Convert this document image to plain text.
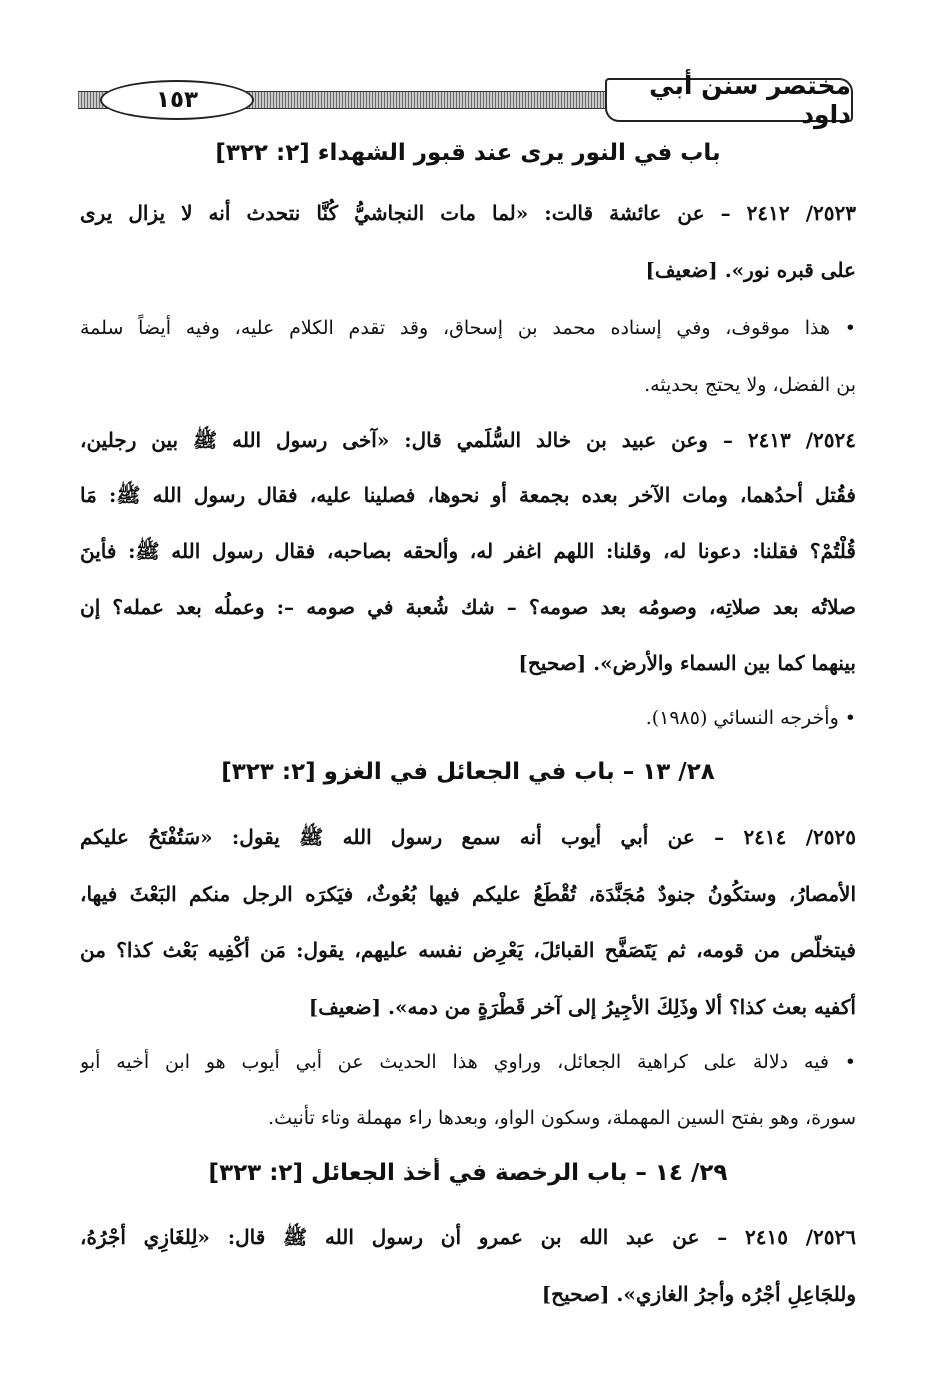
١٥٣	مختصر سنن أبي داود
باب في النور يرى عند قبور الشهداء [٢: ٣٢٢]
٢٥٢٣/ ٢٤١٢ – عن عائشة قالت: «لما مات النجاشيُّ كُنَّا نتحدث أنه لا يزال يرى
على قبره نور». [ضعيف]
• هذا موقوف، وفي إسناده محمد بن إسحاق، وقد تقدم الكلام عليه، وفيه أيضاً سلمة
بن الفضل، ولا يحتج بحديثه.
٢٥٢٤/ ٢٤١٣ – وعن عبيد بن خالد السُّلَمي قال: «آخى رسول الله ﷺ بين رجلين،
فقُتل أحدُهما، ومات الآخر بعده بجمعة أو نحوها، فصلينا عليه، فقال رسول الله ﷺ: مَا
قُلْتُمْ؟ فقلنا: دعونا له، وقلنا: اللهم اغفر له، وألحقه بصاحبه، فقال رسول الله ﷺ: فأينَ
صلاتُه بعد صلاتِه، وصومُه بعد صومه؟ – شك شُعبة في صومه –: وعملُه بعد عمله؟ إن
بينهما كما بين السماء والأرض». [صحيح]
• وأخرجه النسائي (١٩٨٥).
٢٨/ ١٣ – باب في الجعائل في الغزو [٢: ٣٢٣]
٢٥٢٥/ ٢٤١٤ – عن أبي أيوب أنه سمع رسول الله ﷺ يقول: «سَتُفْتَحُ عليكم
الأمصارُ، وستكُونُ جنودٌ مُجَنَّدَة، تُقْطَعُ عليكم فيها بُعُوثٌ، فيَكرَه الرجل منكم البَعْثَ فيها،
فيتخلَّص من قومه، ثم يَتَصَفَّح القبائلَ، يَعْرِض نفسه عليهم، يقول: مَن أكْفِيه بَعْث كذا؟ من
أكفيه بعث كذا؟ ألا وذَلِكَ الأجِيرُ إلى آخر قَطْرَةٍ من دمه». [ضعيف]
• فيه دلالة على كراهية الجعائل، وراوي هذا الحديث عن أبي أيوب هو ابن أخيه أبو
سورة، وهو بفتح السين المهملة، وسكون الواو، وبعدها راء مهملة وتاء تأنيث.
٢٩/ ١٤ – باب الرخصة في أخذ الجعائل [٢: ٣٢٣]
٢٥٢٦/ ٢٤١٥ – عن عبد الله بن عمرو أن رسول الله ﷺ قال: «لِلغَازِي أجْرُهُ،
وللجَاعِلِ أجْرُه وأجرُ الغازي». [صحيح]
